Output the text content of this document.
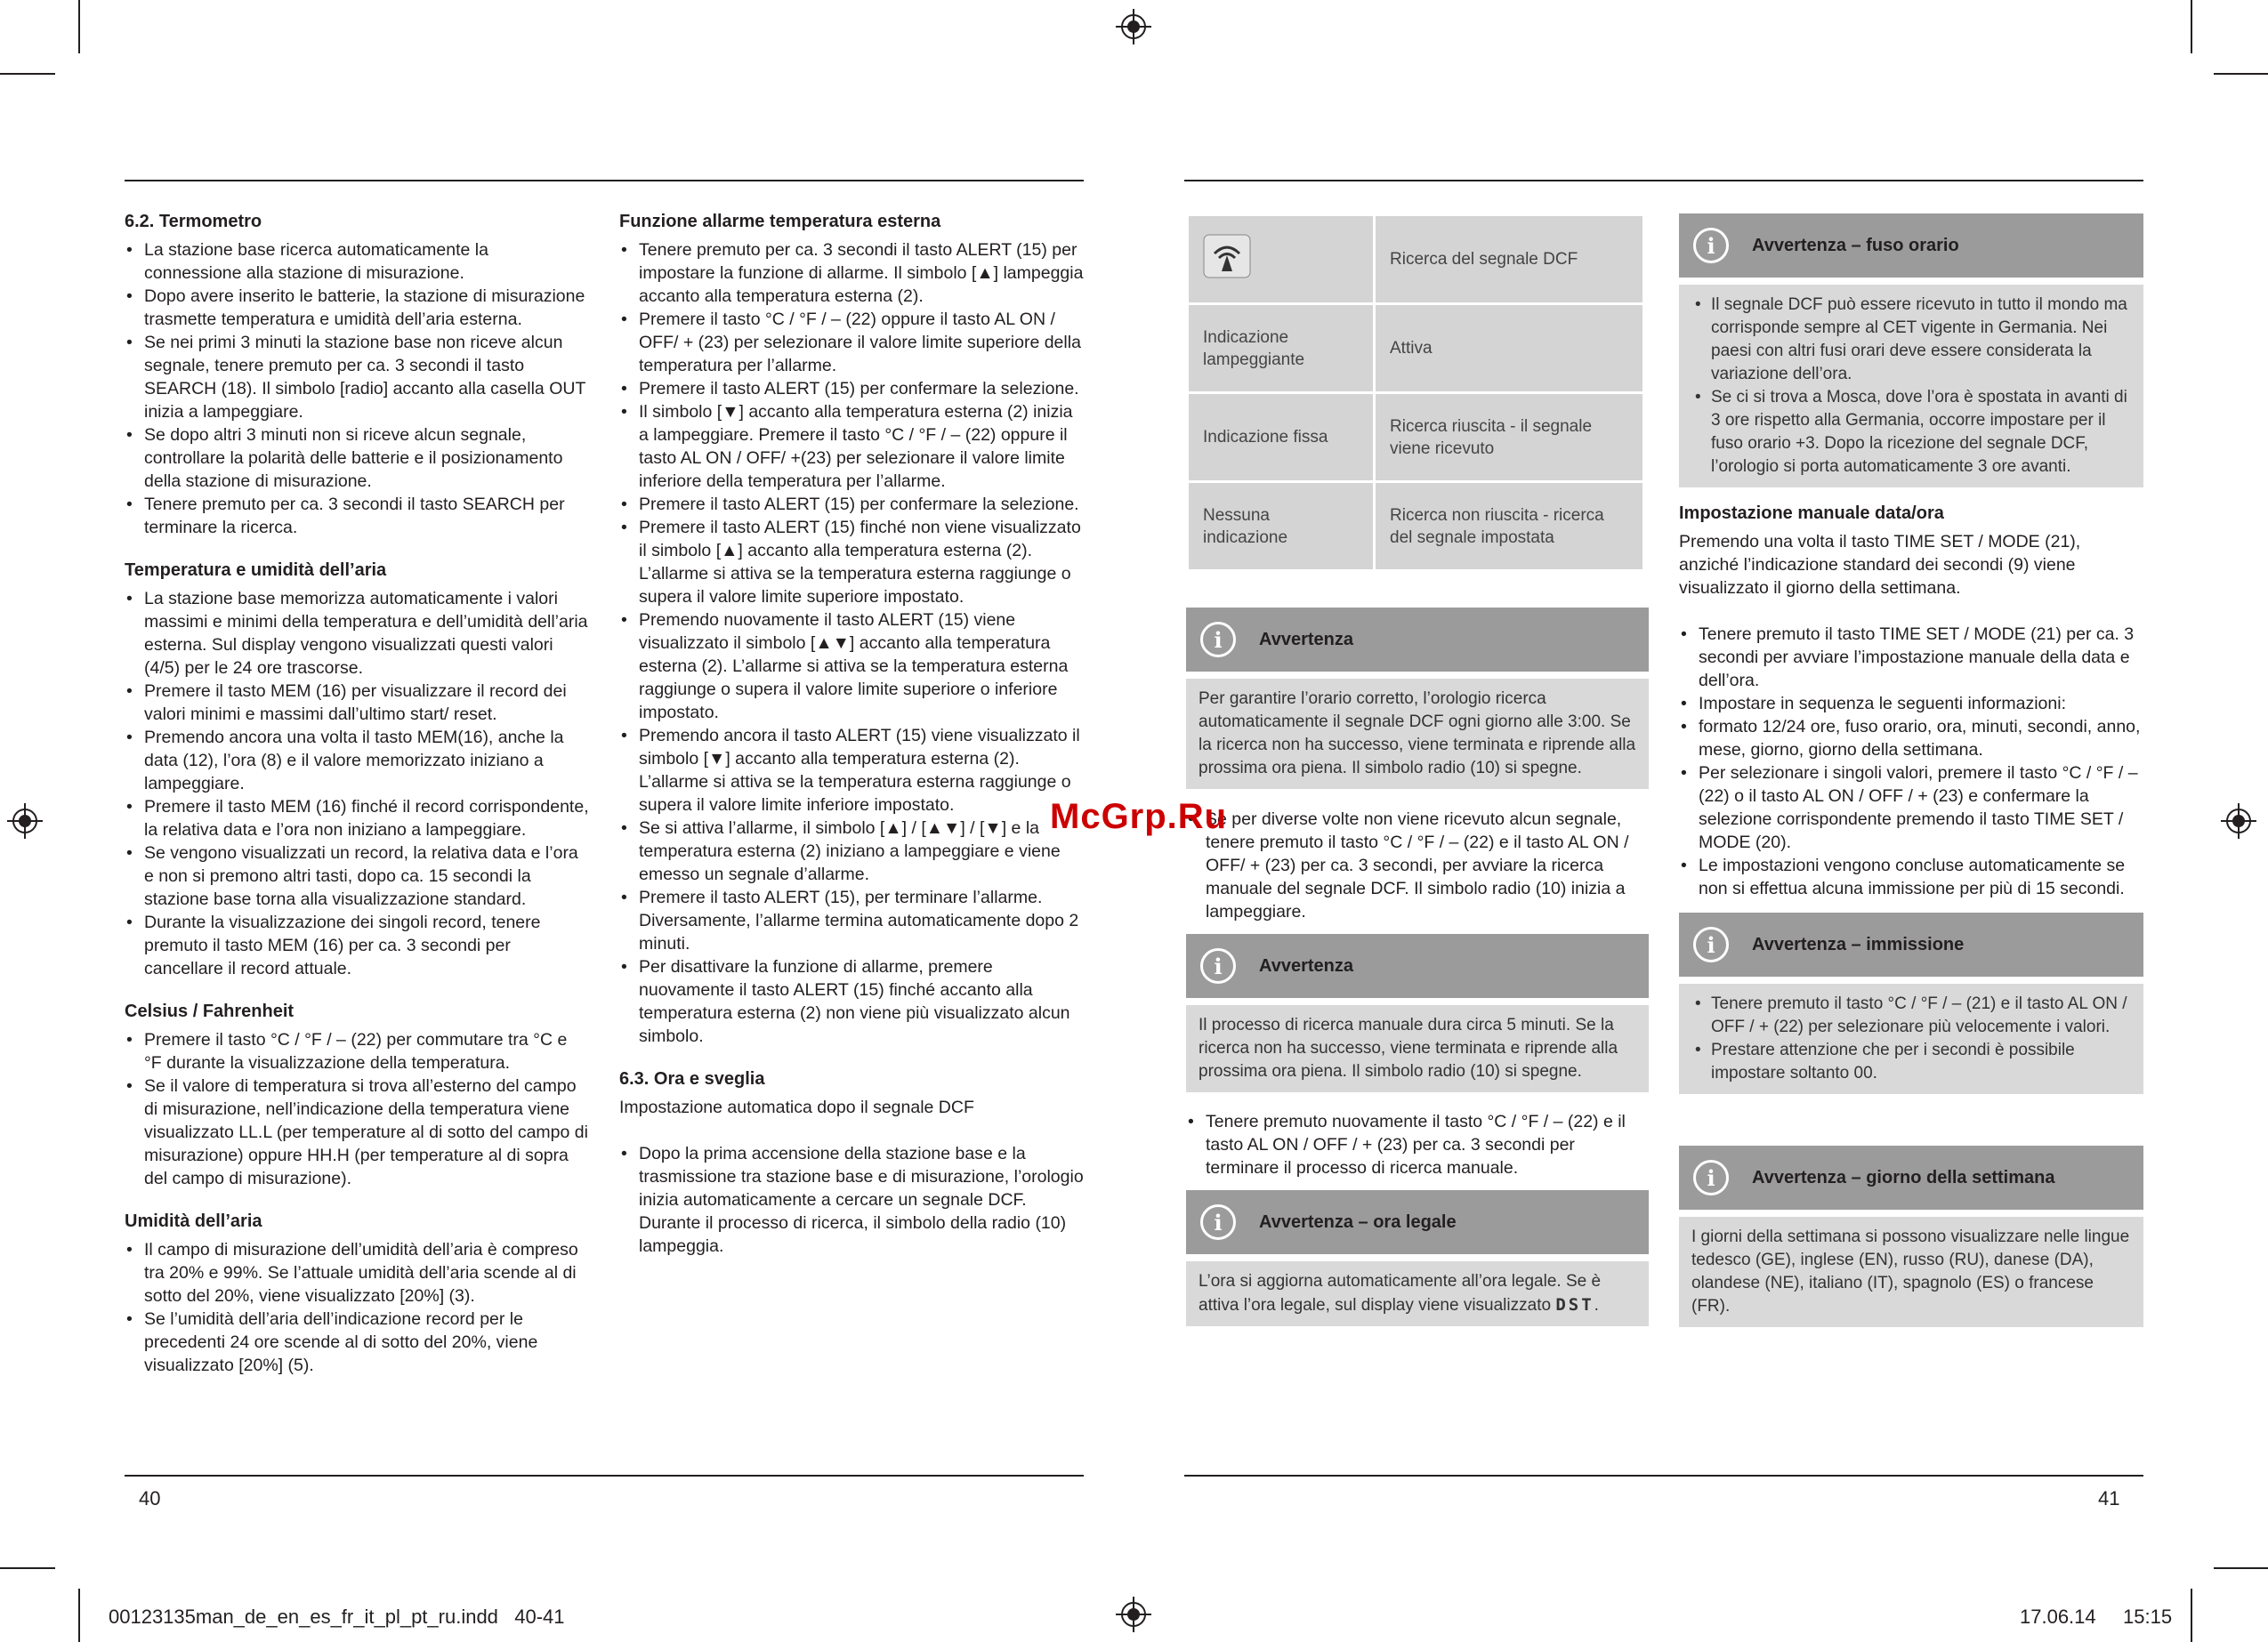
6.2. Termometro
• La stazione base ricerca automaticamente la connessione alla stazione di misurazione.
• Dopo avere inserito le batterie, la stazione di misurazione trasmette temperatura e umidità dell’aria esterna.
• Se nei primi 3 minuti la stazione base non riceve alcun segnale, tenere premuto per ca. 3 secondi il tasto SEARCH (18). Il simbolo [radio] accanto alla casella OUT inizia a lampeggiare.
• Se dopo altri 3 minuti non si riceve alcun segnale, controllare la polarità delle batterie e il posizionamento della stazione di misurazione.
• Tenere premuto per ca. 3 secondi il tasto SEARCH per terminare la ricerca.
Temperatura e umidità dell’aria
• La stazione base memorizza automaticamente i valori massimi e minimi della temperatura e dell’umidità dell’aria esterna. Sul display vengono visualizzati questi valori (4/5) per le 24 ore trascorse.
• Premere il tasto MEM (16) per visualizzare il record dei valori minimi e massimi dall’ultimo start/ reset.
• Premendo ancora una volta il tasto MEM(16), anche la data (12), l’ora (8) e il valore memorizzato iniziano a lampeggiare.
• Premere il tasto MEM (16) finché il record corrispondente, la relativa data e l’ora non iniziano a lampeggiare.
• Se vengono visualizzati un record, la relativa data e l’ora e non si premono altri tasti, dopo ca. 15 secondi la stazione base torna alla visualizzazione standard.
• Durante la visualizzazione dei singoli record, tenere premuto il tasto MEM (16) per ca. 3 secondi per cancellare il record attuale.
Celsius / Fahrenheit
• Premere il tasto °C / °F / – (22) per commutare tra °C e °F durante la visualizzazione della temperatura.
• Se il valore di temperatura si trova all’esterno del campo di misurazione, nell’indicazione della temperatura viene visualizzato LL.L (per temperature al di sotto del campo di misurazione) oppure HH.H (per temperature al di sopra del campo di misurazione).
Umidità dell’aria
• Il campo di misurazione dell’umidità dell’aria è compreso tra 20% e 99%. Se l’attuale umidità dell’aria scende al di sotto del 20%, viene visualizzato [20%] (3).
• Se l’umidità dell’aria dell’indicazione record per le precedenti 24 ore scende al di sotto del 20%, viene visualizzato [20%] (5).
Funzione allarme temperatura esterna
• Tenere premuto per ca. 3 secondi il tasto ALERT (15) per impostare la funzione di allarme. Il simbolo [▲] lampeggia accanto alla temperatura esterna (2).
• Premere il tasto °C / °F / – (22) oppure il tasto AL ON / OFF/ + (23) per selezionare il valore limite superiore della temperatura per l’allarme.
• Premere il tasto ALERT (15) per confermare la selezione.
• Il simbolo [▼] accanto alla temperatura esterna (2) inizia a lampeggiare. Premere il tasto °C / °F / – (22) oppure il tasto AL ON / OFF/ +(23) per selezionare il valore limite inferiore della temperatura per l’allarme.
• Premere il tasto ALERT (15) per confermare la selezione.
• Premere il tasto ALERT (15) finché non viene visualizzato il simbolo [▲] accanto alla temperatura esterna (2). L’allarme si attiva se la temperatura esterna raggiunge o supera il valore limite superiore impostato.
• Premendo nuovamente il tasto ALERT (15) viene visualizzato il simbolo [▲▼] accanto alla temperatura esterna (2). L’allarme si attiva se la temperatura esterna raggiunge o supera il valore limite superiore o inferiore impostato.
• Premendo ancora il tasto ALERT (15) viene visualizzato il simbolo [▼] accanto alla temperatura esterna (2). L’allarme si attiva se la temperatura esterna raggiunge o supera il valore limite inferiore impostato.
• Se si attiva l’allarme, il simbolo [▲] / [▲▼] / [▼] e la temperatura esterna (2) iniziano a lampeggiare e viene emesso un segnale d’allarme.
• Premere il tasto ALERT (15), per terminare l’allarme. Diversamente, l’allarme termina automaticamente dopo 2 minuti.
• Per disattivare la funzione di allarme, premere nuovamente il tasto ALERT (15) finché accanto alla temperatura esterna (2) non viene più visualizzato alcun simbolo.
6.3. Ora e sveglia

Impostazione automatica dopo il segnale DCF

• Dopo la prima accensione della stazione base e la trasmissione tra stazione base e di misurazione, l’orologio inizia automaticamente a cercare un segnale DCF. Durante il processo di ricerca, il simbolo della radio (10) lampeggia.
40
	Ricerca del segnale DCF
Indicazione lampeggiante	Attiva
Indicazione fissa	Ricerca riuscita - il segnale viene ricevuto
Nessuna indicazione	Ricerca non riuscita - ricerca del segnale impostata
i	Avvertenza
Per garantire l’orario corretto, l’orologio ricerca automaticamente il segnale DCF ogni giorno alle 3:00. Se la ricerca non ha successo, viene terminata e riprende alla prossima ora piena. Il simbolo radio (10) si spegne.
• Se per diverse volte non viene ricevuto alcun segnale, tenere premuto il tasto °C / °F / – (22) e il tasto AL ON / OFF/ + (23) per ca. 3 secondi, per avviare la ricerca manuale del segnale DCF. Il simbolo radio (10) inizia a lampeggiare.
i	Avvertenza
Il processo di ricerca manuale dura circa 5 minuti. Se la ricerca non ha successo, viene terminata e riprende alla prossima ora piena. Il simbolo radio (10) si spegne.
• Tenere premuto nuovamente il tasto °C / °F / – (22) e il tasto AL ON / OFF / + (23) per ca. 3 secondi per terminare il processo di ricerca manuale.
i	Avvertenza – ora legale
L’ora si aggiorna automaticamente all’ora legale. Se è attiva l’ora legale, sul display viene visualizzato DST.
i	Avvertenza – fuso orario
• Il segnale DCF può essere ricevuto in tutto il mondo ma corrisponde sempre al CET vigente in Germania. Nei paesi con altri fusi orari deve essere considerata la variazione dell’ora.
• Se ci si trova a Mosca, dove l’ora è spostata in avanti di 3 ore rispetto alla Germania, occorre impostare per il fuso orario +3. Dopo la ricezione del segnale DCF, l’orologio si porta automaticamente 3 ore avanti.
Impostazione manuale data/ora

Premendo una volta il tasto TIME SET / MODE (21), anziché l’indicazione standard dei secondi (9) viene visualizzato il giorno della settimana.

• Tenere premuto il tasto TIME SET / MODE (21) per ca. 3 secondi per avviare l’impostazione manuale della data e dell’ora.
• Impostare in sequenza le seguenti informazioni:
• formato 12/24 ore, fuso orario, ora, minuti, secondi, anno, mese, giorno, giorno della settimana.
• Per selezionare i singoli valori, premere il tasto °C / °F / – (22) o il tasto AL ON / OFF / + (23) e confermare la selezione corrispondente premendo il tasto TIME SET / MODE (20).
• Le impostazioni vengono concluse automaticamente se non si effettua alcuna immissione per più di 15 secondi.
i	Avvertenza – immissione
• Tenere premuto il tasto °C / °F / – (21) e il tasto AL ON / OFF / + (22) per selezionare più velocemente i valori.
• Prestare attenzione che per i secondi è possibile impostare soltanto 00.
i	Avvertenza – giorno della settimana
I giorni della settimana si possono visualizzare nelle lingue tedesco (GE), inglese (EN), russo (RU), danese (DA), olandese (NE), italiano (IT), spagnolo (ES) o francese (FR).
41
McGrp.Ru
00123135man_de_en_es_fr_it_pl_pt_ru.indd   40-41	17.06.14 15:15
